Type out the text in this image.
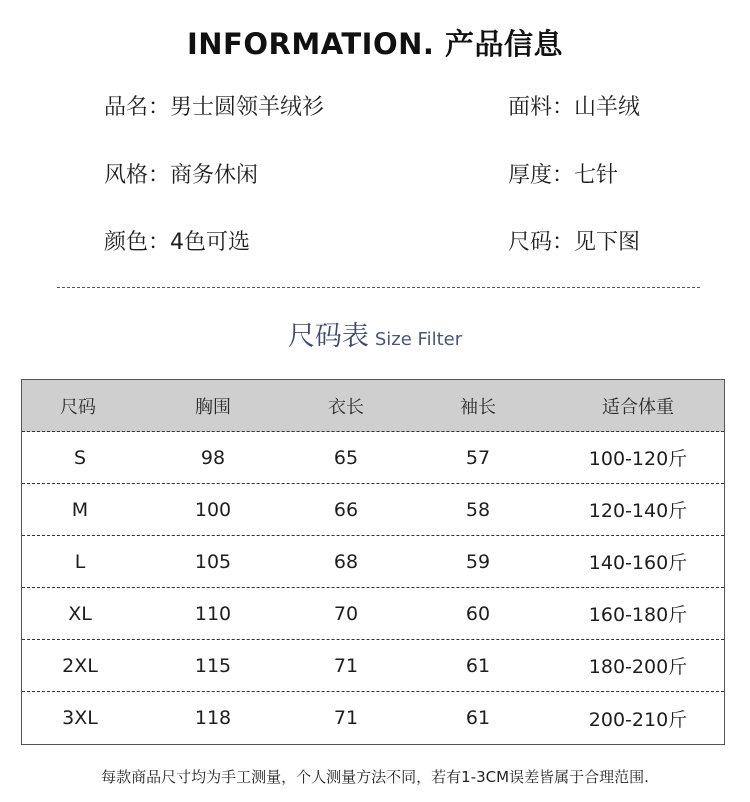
INFORMATION. 产品信息
品名：男士圆领羊绒衫	面料：山羊绒
风格：商务休闲	厚度：七针
颜色：4色可选	尺码：见下图
尺码表 Size Filter
尺码	胸围	衣长	袖长	适合体重
S	98	65	57	100-120斤
M	100	66	58	120-140斤
L	105	68	59	140-160斤
XL	110	70	60	160-180斤
2XL	115	71	61	180-200斤
3XL	118	71	61	200-210斤
每款商品尺寸均为手工测量，个人测量方法不同，若有1-3CM误差皆属于合理范围.
